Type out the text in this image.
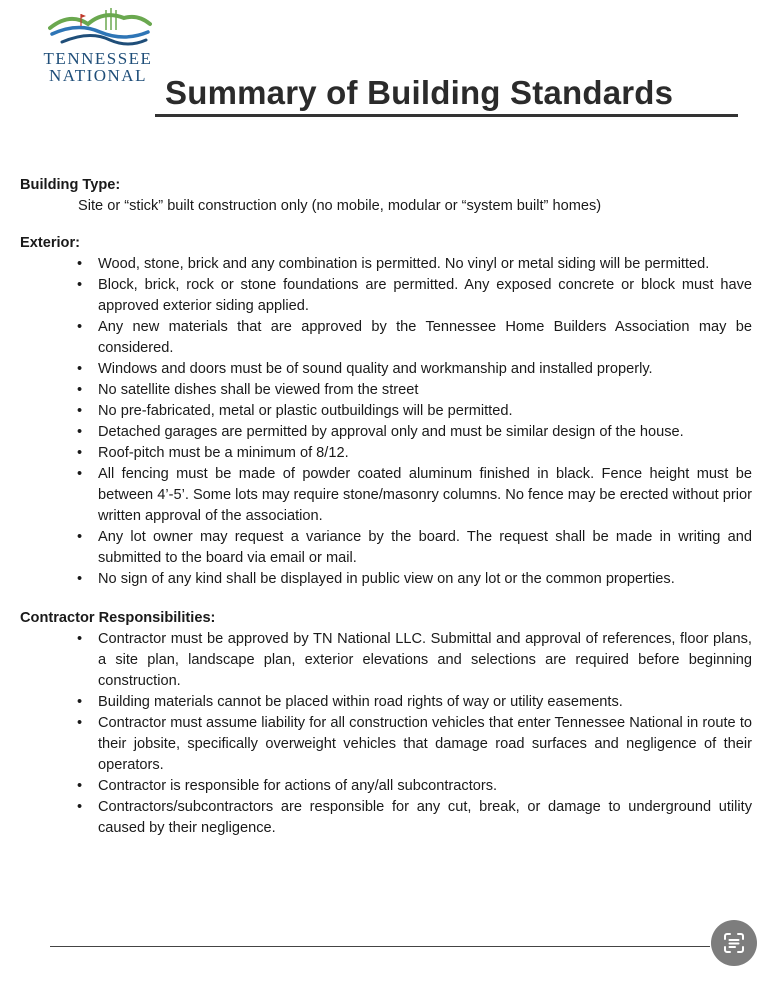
TENNESSEE
NATIONAL Summary of Building Standards

Building Type:

Site or “stick” built construction only (no mobile, modular or “system built” homes)

Exterior:

• Wood, stone, brick and any combination is permitted. No vinyl or metal siding will be permitted.
• Block, brick, rock or stone foundations are permitted. Any exposed concrete or block must have approved exterior siding applied.
• Any new materials that are approved by the Tennessee Home Builders Association may be considered.
• Windows and doors must be of sound quality and workmanship and installed properly.
• No satellite dishes shall be viewed from the street
• No pre-fabricated, metal or plastic outbuildings will be permitted.
• Detached garages are permitted by approval only and must be similar design of the house.
• Roof-pitch must be a minimum of 8/12.
• All fencing must be made of powder coated aluminum finished in black. Fence height must be between 4’-5’. Some lots may require stone/masonry columns. No fence may be erected without prior written approval of the association.
• Any lot owner may request a variance by the board. The request shall be made in writing and submitted to the board via email or mail.
• No sign of any kind shall be displayed in public view on any lot or the common properties.

Contractor Responsibilities:

• Contractor must be approved by TN National LLC. Submittal and approval of references, floor plans, a site plan, landscape plan, exterior elevations and selections are required before beginning construction.
• Building materials cannot be placed within road rights of way or utility easements.
• Contractor must assume liability for all construction vehicles that enter Tennessee National in route to their jobsite, specifically overweight vehicles that damage road surfaces and negligence of their operators.
• Contractor is responsible for actions of any/all subcontractors.
• Contractors/subcontractors are responsible for any cut, break, or damage to underground utility caused by their negligence.
